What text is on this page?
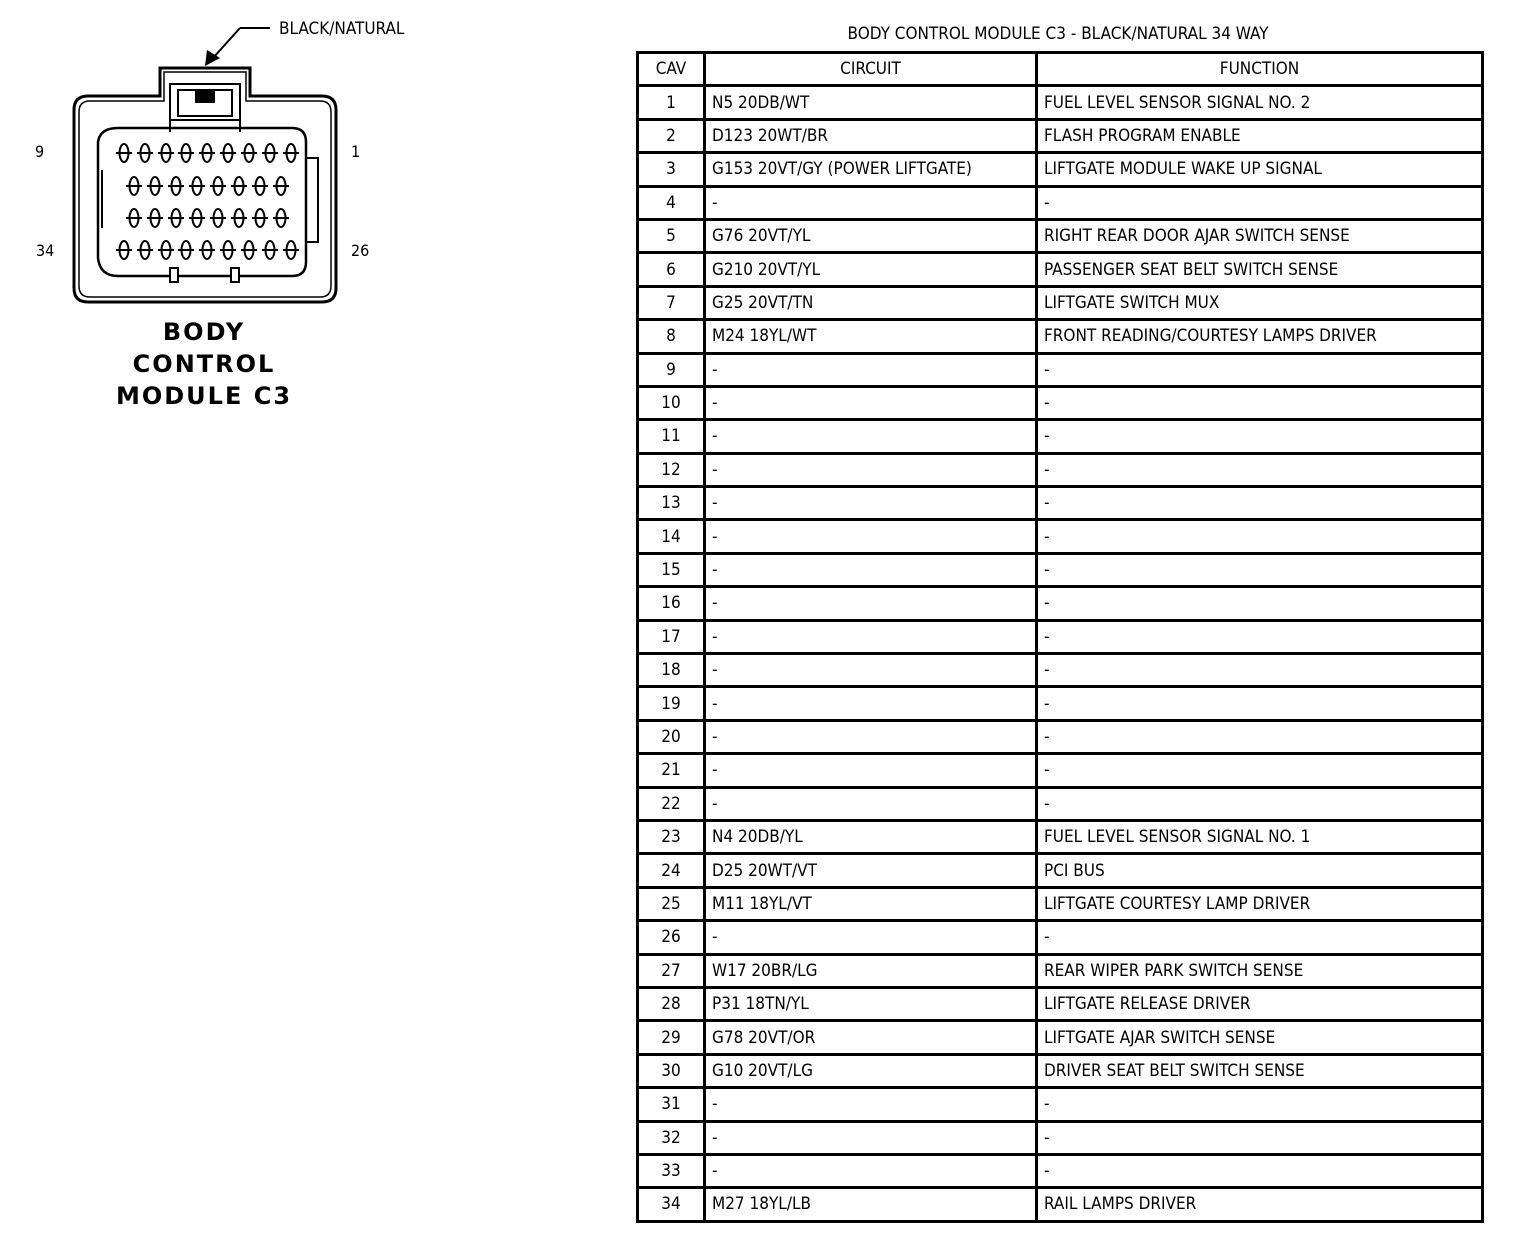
BLACK/NATURAL
9	1
34	26
BODY
CONTROL
MODULE C3
BODY CONTROL MODULE C3 - BLACK/NATURAL 34 WAY
CAV	CIRCUIT	FUNCTION
1	N5 20DB/WT	FUEL LEVEL SENSOR SIGNAL NO. 2
2	D123 20WT/BR	FLASH PROGRAM ENABLE
3	G153 20VT/GY (POWER LIFTGATE)	LIFTGATE MODULE WAKE UP SIGNAL
4	-	-
5	G76 20VT/YL	RIGHT REAR DOOR AJAR SWITCH SENSE
6	G210 20VT/YL	PASSENGER SEAT BELT SWITCH SENSE
7	G25 20VT/TN	LIFTGATE SWITCH MUX
8	M24 18YL/WT	FRONT READING/COURTESY LAMPS DRIVER
9	-	-
10	-	-
11	-	-
12	-	-
13	-	-
14	-	-
15	-	-
16	-	-
17	-	-
18	-	-
19	-	-
20	-	-
21	-	-
22	-	-
23	N4 20DB/YL	FUEL LEVEL SENSOR SIGNAL NO. 1
24	D25 20WT/VT	PCI BUS
25	M11 18YL/VT	LIFTGATE COURTESY LAMP DRIVER
26	-	-
27	W17 20BR/LG	REAR WIPER PARK SWITCH SENSE
28	P31 18TN/YL	LIFTGATE RELEASE DRIVER
29	G78 20VT/OR	LIFTGATE AJAR SWITCH SENSE
30	G10 20VT/LG	DRIVER SEAT BELT SWITCH SENSE
31	-	-
32	-	-
33	-	-
34	M27 18YL/LB	RAIL LAMPS DRIVER
